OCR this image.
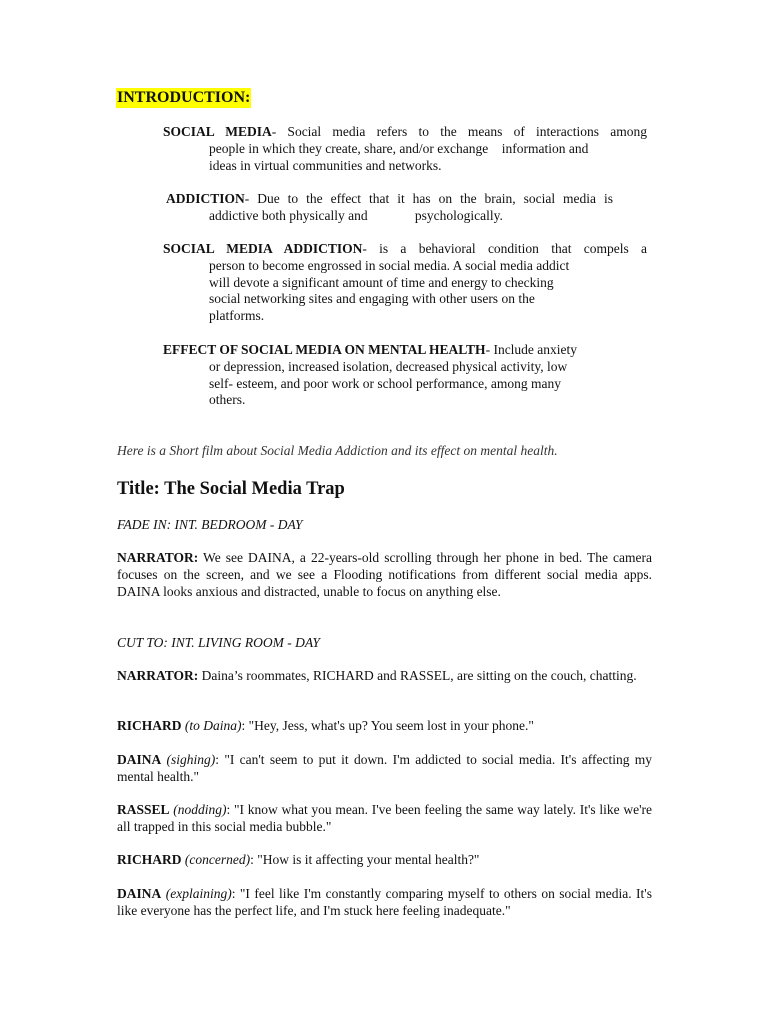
INTRODUCTION:
SOCIAL MEDIA- Social media refers to the means of interactions among
people in which they create, share, and/or exchange    information and
ideas in virtual communities and networks.
ADDICTION- Due to the effect that it has on the brain, social media is
addictive both physically and              psychologically.
SOCIAL MEDIA ADDICTION- is a behavioral condition that compels a
person to become engrossed in social media. A social media addict
will devote a significant amount of time and energy to checking
social networking sites and engaging with other users on the
platforms.
EFFECT OF SOCIAL MEDIA ON MENTAL HEALTH- Include anxiety
or depression, increased isolation, decreased physical activity, low
self- esteem, and poor work or school performance, among many
others.
Here is a Short film about Social Media Addiction and its effect on mental health.
Title: The Social Media Trap
FADE IN: INT. BEDROOM - DAY
NARRATOR: We see DAINA, a 22-years-old scrolling through her phone in bed. The camera focuses on the screen, and we see a Flooding notifications from different social media apps. DAINA looks anxious and distracted, unable to focus on anything else.
CUT TO: INT. LIVING ROOM - DAY
NARRATOR: Daina’s roommates, RICHARD and RASSEL, are sitting on the couch, chatting.
RICHARD (to Daina): "Hey, Jess, what's up? You seem lost in your phone."
DAINA (sighing): "I can't seem to put it down. I'm addicted to social media. It's affecting my mental health."
RASSEL (nodding): "I know what you mean. I've been feeling the same way lately. It's like we're all trapped in this social media bubble."
RICHARD (concerned): "How is it affecting your mental health?"
DAINA (explaining): "I feel like I'm constantly comparing myself to others on social media. It's like everyone has the perfect life, and I'm stuck here feeling inadequate."
